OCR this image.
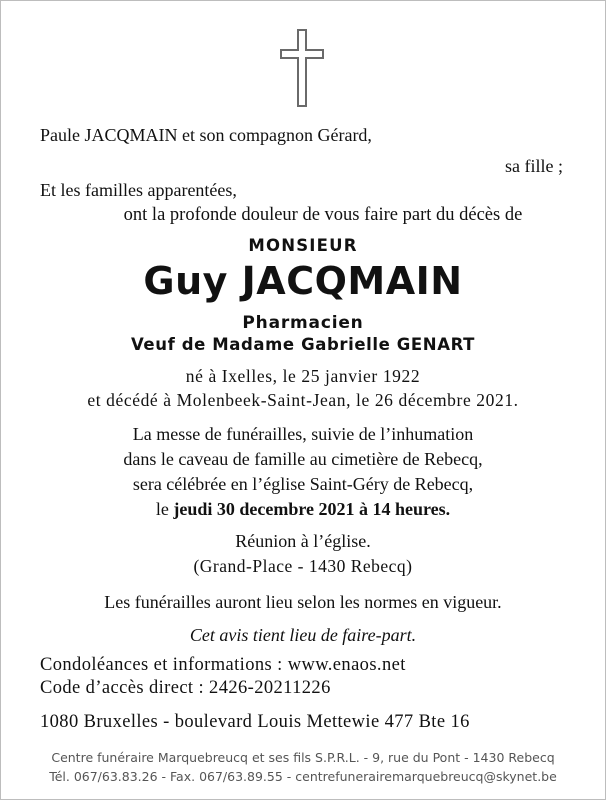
Paule JACQMAIN et son compagnon Gérard,
sa fille ;
Et les familles apparentées,
ont la profonde douleur de vous faire part du décès de
MONSIEUR
Guy JACQMAIN
Pharmacien
Veuf de Madame Gabrielle GENART
né à Ixelles, le 25 janvier 1922
et décédé à Molenbeek-Saint-Jean, le 26 décembre 2021.
La messe de funérailles, suivie de l’inhumation
dans le caveau de famille au cimetière de Rebecq,
sera célébrée en l’église Saint-Géry de Rebecq,
le jeudi 30 decembre 2021 à 14 heures.
Réunion à l’église.
(Grand-Place - 1430 Rebecq)
Les funérailles auront lieu selon les normes en vigueur.
Cet avis tient lieu de faire-part.
Condoléances et informations : www.enaos.net
Code d’accès direct : 2426-20211226
1080 Bruxelles - boulevard Louis Mettewie 477 Bte 16
Centre funéraire Marquebreucq et ses fils S.P.R.L. - 9, rue du Pont - 1430 Rebecq
Tél. 067/63.83.26 - Fax. 067/63.89.55 - centrefunerairemarquebreucq@skynet.be
